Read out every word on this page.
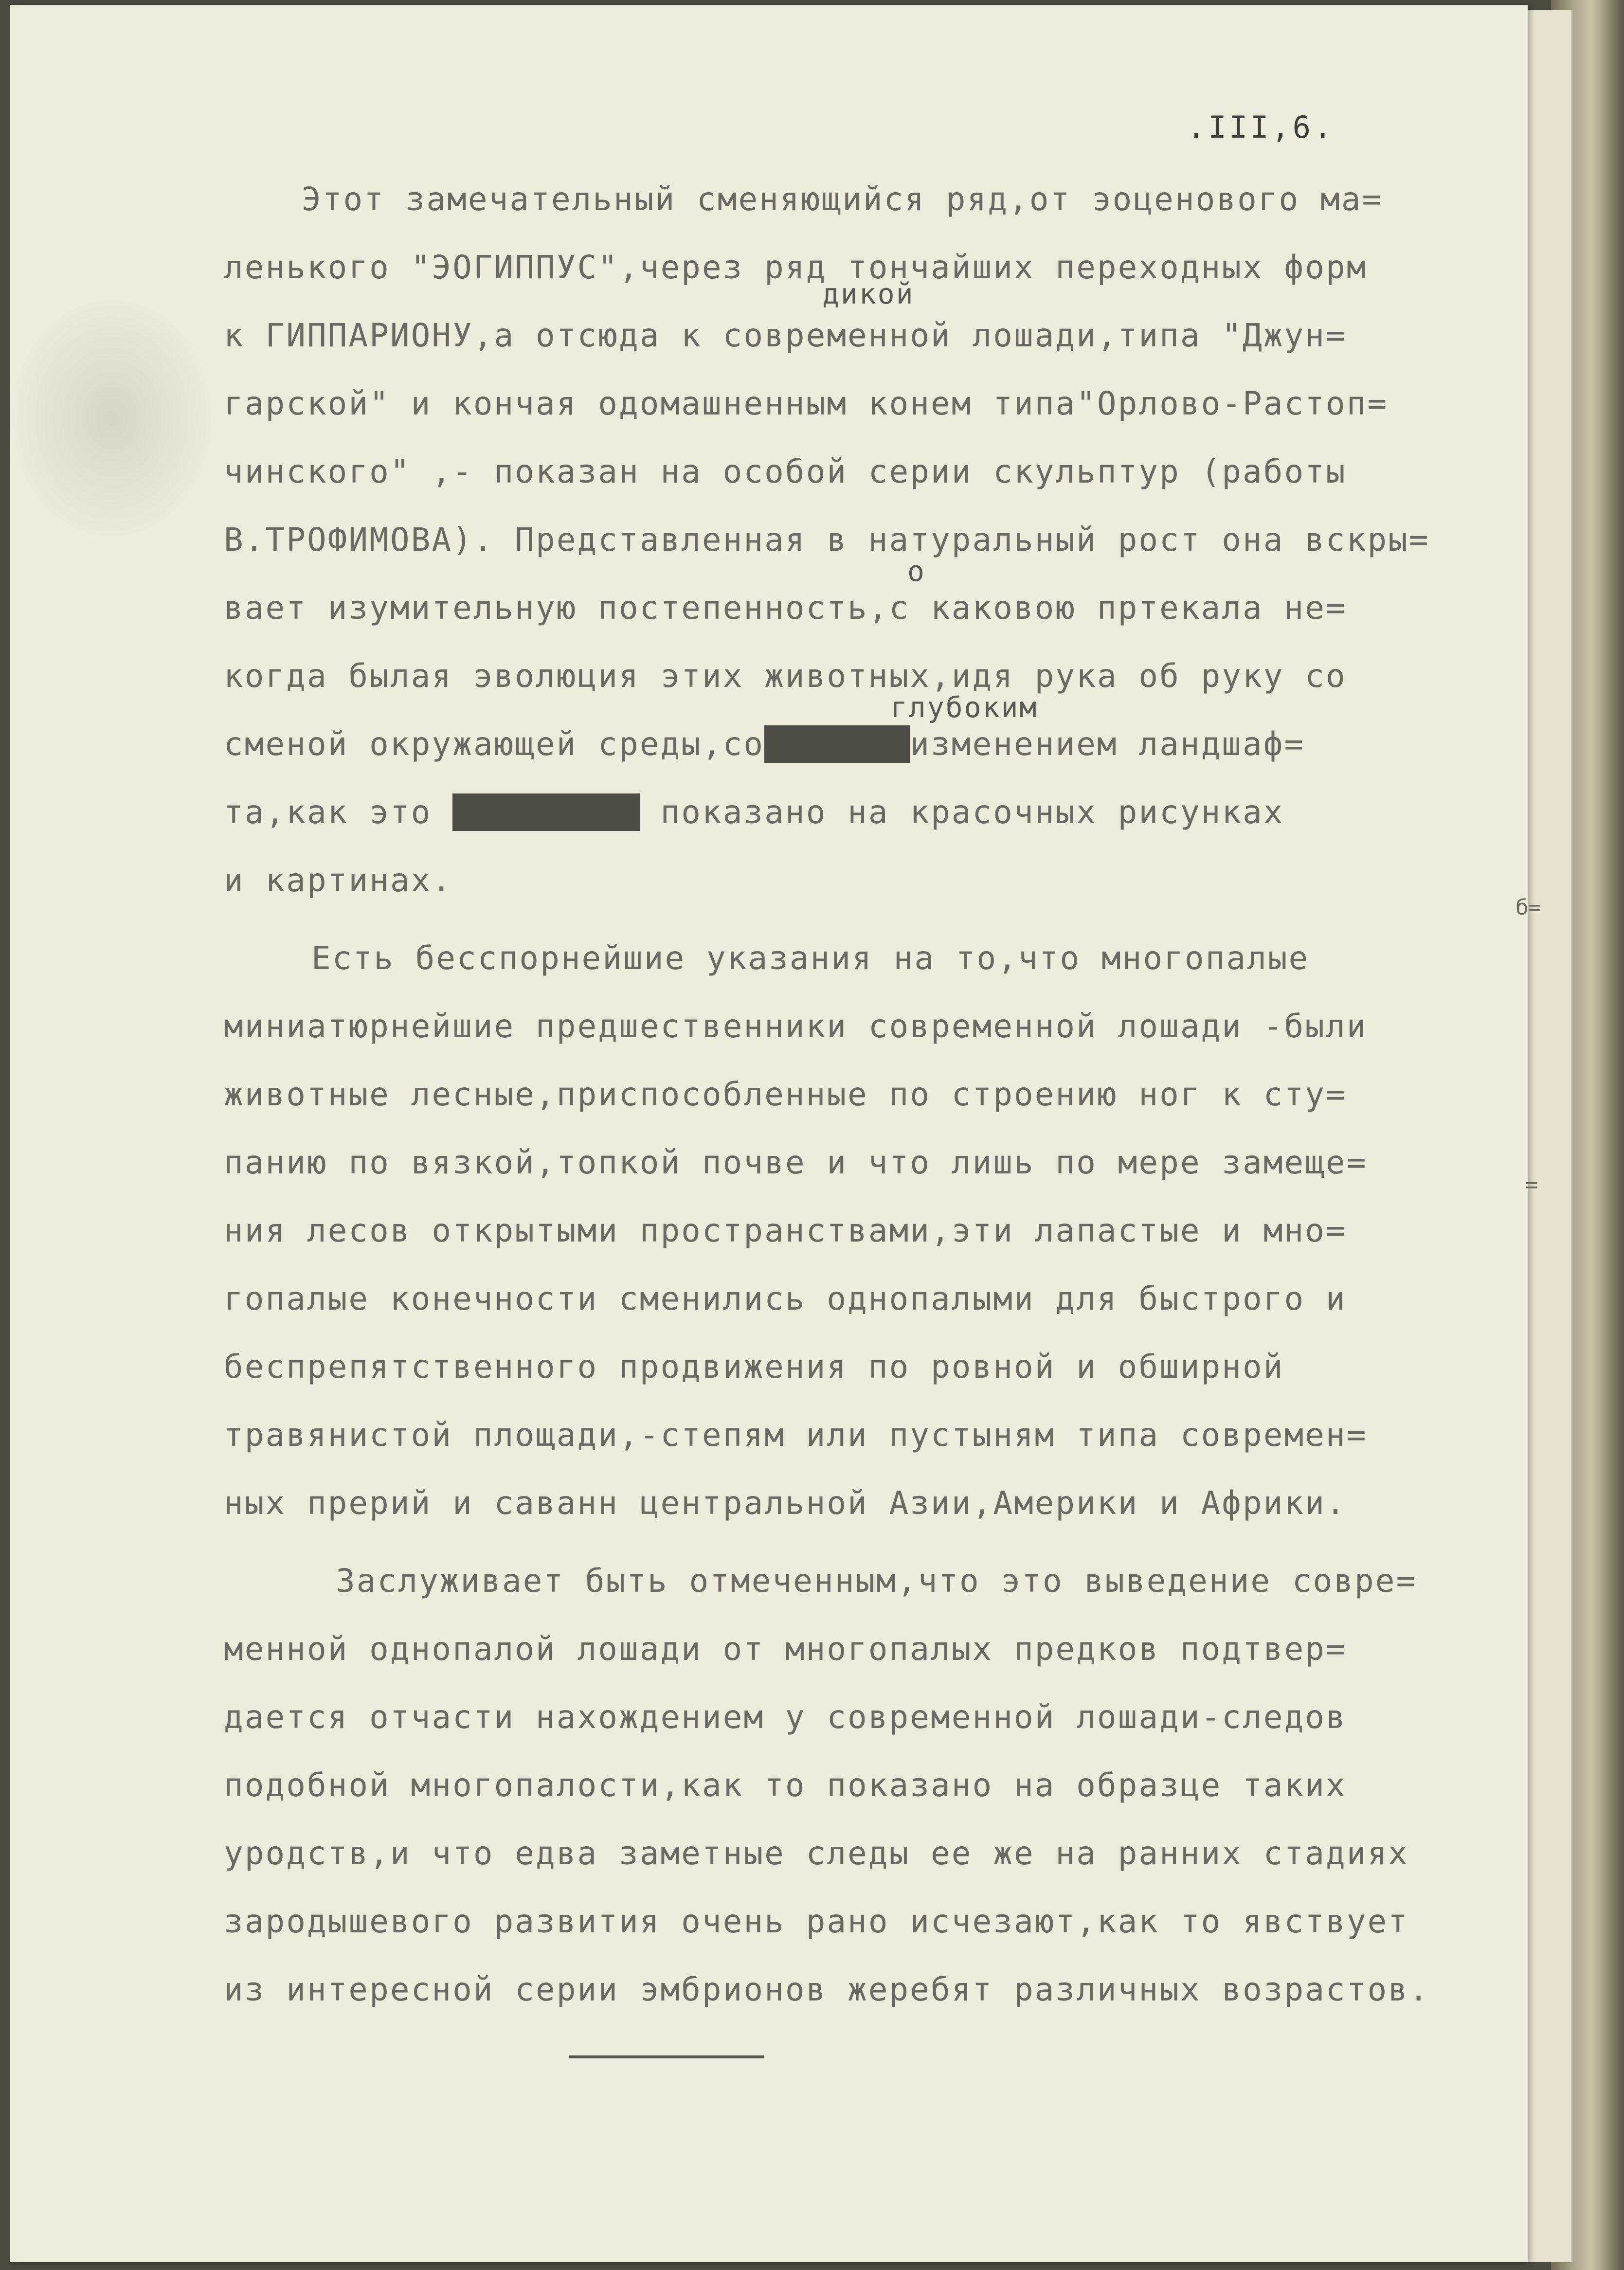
.III,6.
дикой
о
глубоким
б=
=
Этот замечательный сменяющийся ряд,от эоценового ма=
ленького "ЭОГИППУС",через ряд тончайших переходных форм
к ГИППАРИОНУ,а отсюда к современной лошади,типа "Джун=
гарской" и кончая одомашненным конем типа"Орлово-Растоп=
чинского" ,- показан на особой серии скульптур (работы
В.ТРОФИМОВА). Представленная в натуральный рост она вскры=
вает изумительную постепенность,с каковою пртекала не=
когда былая эволюция этих животных,идя рука об руку со
сменой окружающей среды,со	изменением ландшаф=
та,как это	показано на красочных рисунках
и картинах.
Есть бесспорнейшие указания на то,что многопалые
миниатюрнейшие предшественники современной лошади -были
животные лесные,приспособленные по строению ног к сту=
панию по вязкой,топкой почве и что лишь по мере замеще=
ния лесов открытыми пространствами,эти лапастые и мно=
гопалые конечности сменились однопалыми для быстрого и
беспрепятственного продвижения по ровной и обширной
травянистой площади,-степям или пустыням типа современ=
ных прерий и саванн центральной Азии,Америки и Африки.
Заслуживает быть отмеченным,что это выведение совре=
менной однопалой лошади от многопалых предков подтвер=
дается отчасти нахождением у современной лошади-следов
подобной многопалости,как то показано на образце таких
уродств,и что едва заметные следы ее же на ранних стадиях
зародышевого развития очень рано исчезают,как то явствует
из интересной серии эмбрионов жеребят различных возрастов.
